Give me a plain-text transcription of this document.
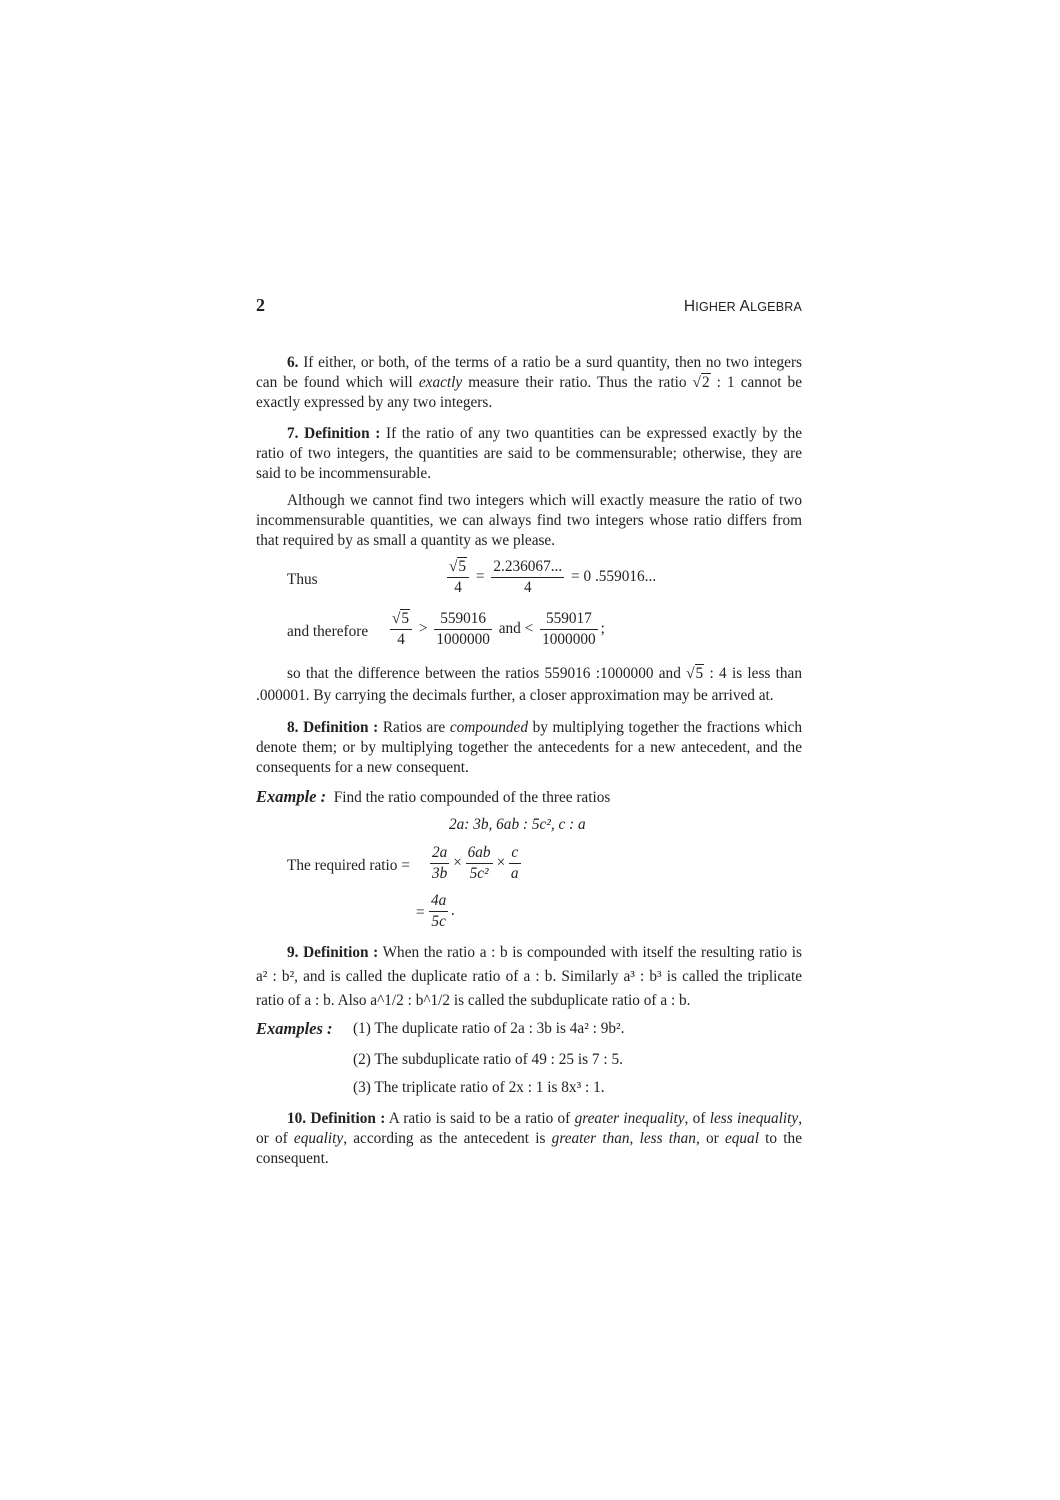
2	HIGHER ALGEBRA

6. If either, or both, of the terms of a ratio be a surd quantity, then no two integers can be found which will exactly measure their ratio. Thus the ratio √2 : 1 cannot be exactly expressed by any two integers.

7. Definition : If the ratio of any two quantities can be expressed exactly by the ratio of two integers, the quantities are said to be commensurable; otherwise, they are said to be incommensurable.

Although we cannot find two integers which will exactly measure the ratio of two incommensurable quantities, we can always find two integers whose ratio differs from that required by as small a quantity as we please.

Thus	$\frac{√5}{4} = \frac{2.236067...}{4} = 0$ .559016...
and therefore $\frac{√5}{4} > \frac{559016}{1000000}$ and < $\frac{559017}{1000000}$ ;

so that the difference between the ratios 559016 :1000000 and √5 : 4 is less than .000001. By carrying the decimals further, a closer approximation may be arrived at.

8. Definition : Ratios are compounded by multiplying together the fractions which denote them; or by multiplying together the antecedents for a new antecedent, and the consequents for a new consequent.

Example : Find the ratio compounded of the three ratios

2a: 3b, 6ab : 5c², c : a

The required ratio = $\frac{2a}{3b} \times \frac{6ab}{\text{5c²}} \times \frac{c}{a}$
= $\frac{4a}{5c}$ .

9. Definition : When the ratio a : b is compounded with itself the resulting ratio is a² : b², and is called the duplicate ratio of a : b. Similarly a³ : b³ is called the triplicate ratio of a : b. Also a^1/2 : b^1/2 is called the subduplicate ratio of a : b.

Examples : (1) The duplicate ratio of 2a : 3b is 4a² : 9b².

(2) The subduplicate ratio of 49 : 25 is 7 : 5.

(3) The triplicate ratio of 2x : 1 is 8x³ : 1.

10. Definition : A ratio is said to be a ratio of greater inequality, of less inequality, or of equality, according as the antecedent is greater than, less than, or equal to the consequent.
